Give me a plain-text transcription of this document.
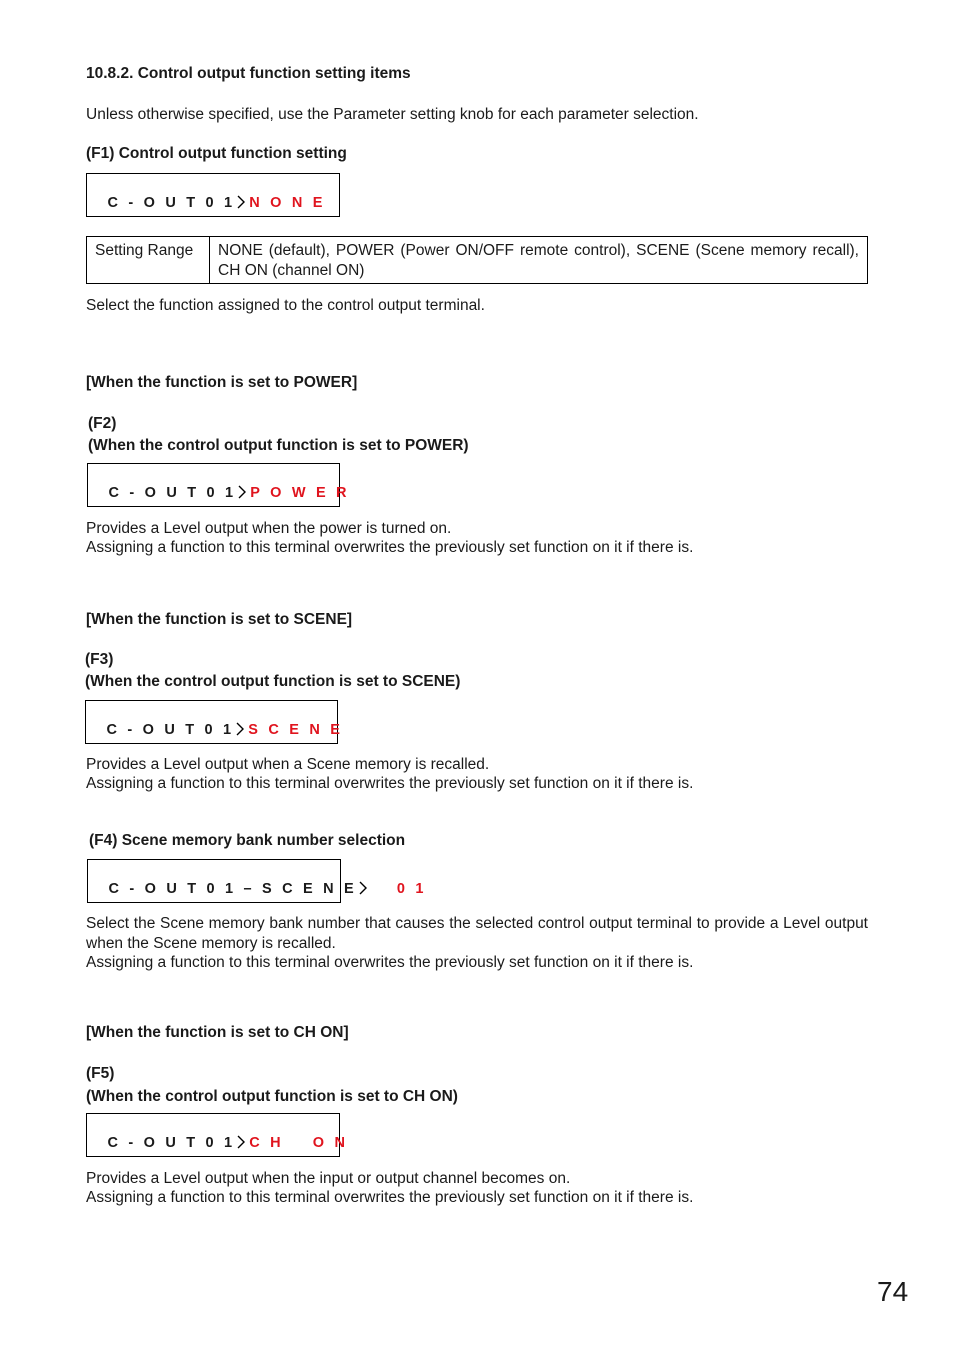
10.8.2. Control output function setting items
Unless otherwise specified, use the Parameter setting knob for each parameter selection.
(F1) Control output function setting

C - O U T 0 1 N O N E

Setting Range	NONE (default), POWER (Power ON/OFF remote control), SCENE (Scene memory recall), CH ON (channel ON)
Select the function assigned to the control output terminal.
[When the function is set to POWER]
(F2)
(When the control output function is set to POWER)

C - O U T 0 1 P O W E R

Provides a Level output when the power is turned on.
Assigning a function to this terminal overwrites the previously set function on it if there is.
[When the function is set to SCENE]
(F3)
(When the control output function is set to SCENE)

C - O U T 0 1 S C E N E

Provides a Level output when a Scene memory is recalled.
Assigning a function to this terminal overwrites the previously set function on it if there is.
(F4) Scene memory bank number selection

C - O U T 0 1 – S C E N E	0 1

Select the Scene memory bank number that causes the selected control output terminal to provide a Level output when the Scene memory is recalled.
Assigning a function to this terminal overwrites the previously set function on it if there is.
[When the function is set to CH ON]
(F5)
(When the control output function is set to CH ON)

C - O U T 0 1 C H    O N

Provides a Level output when the input or output channel becomes on.
Assigning a function to this terminal overwrites the previously set function on it if there is.
74
